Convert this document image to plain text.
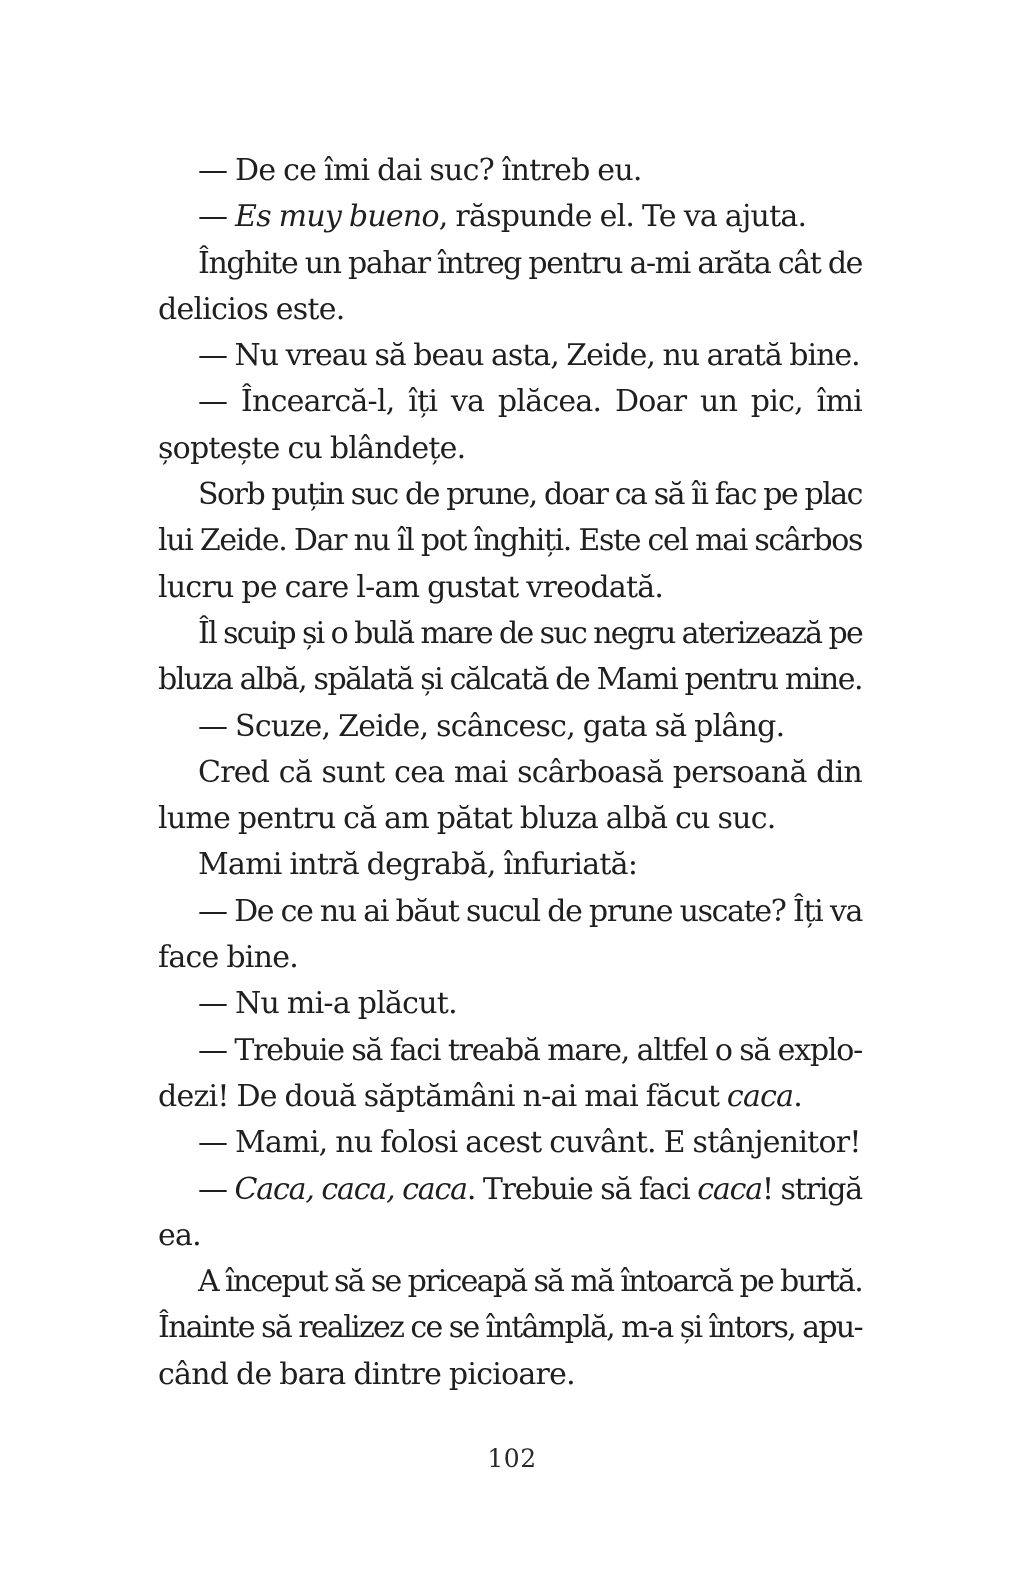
— De ce îmi dai suc? întreb eu.
— Es muy bueno, răspunde el. Te va ajuta.
Înghite un pahar întreg pentru a-mi arăta cât de
delicios este.
— Nu vreau să beau asta, Zeide, nu arată bine.
— Încearcă-l, îți va plăcea. Doar un pic, îmi
șoptește cu blândețe.
Sorb puțin suc de prune, doar ca să îi fac pe plac
lui Zeide. Dar nu îl pot înghiți. Este cel mai scârbos
lucru pe care l-am gustat vreodată.
Îl scuip și o bulă mare de suc negru aterizează pe
bluza albă, spălată și călcată de Mami pentru mine.
— Scuze, Zeide, scâncesc, gata să plâng.
Cred că sunt cea mai scârboasă persoană din
lume pentru că am pătat bluza albă cu suc.
Mami intră degrabă, înfuriată:
— De ce nu ai băut sucul de prune uscate? Îți va
face bine.
— Nu mi-a plăcut.
— Trebuie să faci treabă mare, altfel o să explo-
dezi! De două săptămâni n-ai mai făcut caca.
— Mami, nu folosi acest cuvânt. E stânjenitor!
— Caca, caca, caca. Trebuie să faci caca! strigă
ea.
A început să se priceapă să mă întoarcă pe burtă.
Înainte să realizez ce se întâmplă, m-a și întors, apu-
când de bara dintre picioare.
102
